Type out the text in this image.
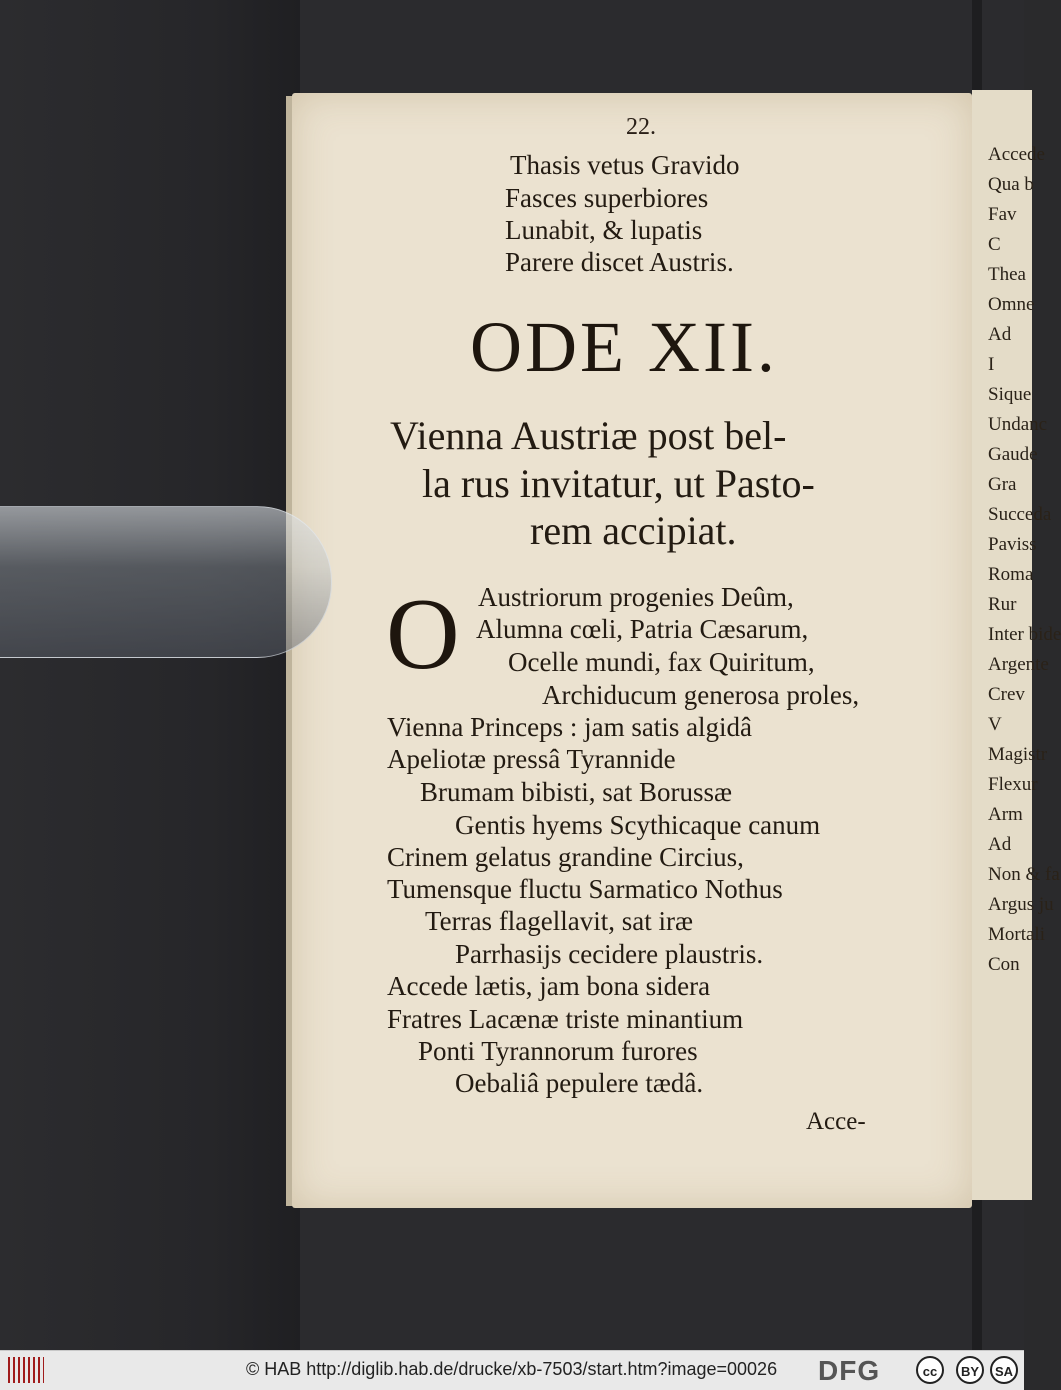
Accede
Qua b
Fav
C
Thea
Omne
Ad
I
Sique
Undanc
Gaude
Gra
Succeda
Paviss
Roma
Rur
Inter bide
Argente
Crev
V
Magistr
Flexur
Arm
Ad
Non & fa
Argus ju
Mortali
Con
22.
Thasis vetus Gravido
Fasces superbiores
Lunabit, & lupatis
Parere discet Austris.
ODE XII.
Vienna Austriæ post bel-
la rus invitatur, ut Pasto-
rem accipiat.
O Austriorum progenies Deûm,
Alumna cœli, Patria Cæsarum,
Ocelle mundi, fax Quiritum,
Archiducum generosa proles,
Vienna Princeps : jam satis algidâ
Apeliotæ pressâ Tyrannide
Brumam bibisti, sat Borussæ
Gentis hyems Scythicaque canum
Crinem gelatus grandine Circius,
Tumensque fluctu Sarmatico Nothus
Terras flagellavit, sat iræ
Parrhasijs cecidere plaustris.
Accede lætis, jam bona sidera
Fratres Lacænæ triste minantium
Ponti Tyrannorum furores
Oebaliâ pepulere tædâ.
Acce-
© HAB http://diglib.hab.de/drucke/xb-7503/start.htm?image=00026 DFG	cc	BY	SA
